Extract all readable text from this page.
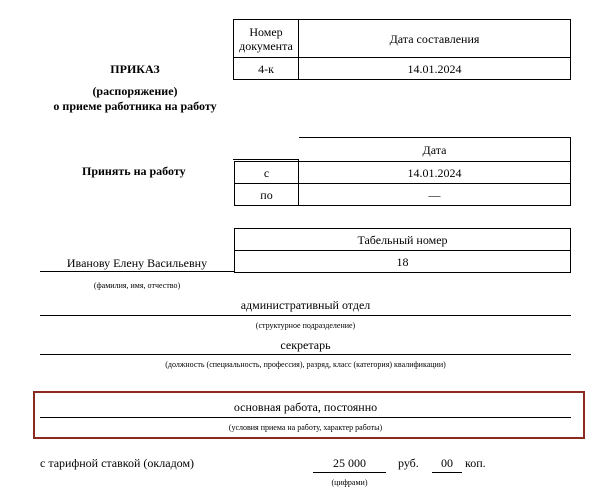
Номер документа	Дата составления
4-к	14.01.2024
ПРИКАЗ
(распоряжение)
о приеме работника на работу
Принять на работу
	Дата
с	14.01.2024
по	—
Табельный номер
18
Иванову Елену Васильевну
(фамилия, имя, отчество)
административный отдел
(структурное подразделение)
секретарь
(должность (специальность, профессия), разряд, класс (категория) квалификации)
основная работа, постоянно
(условия приема на работу, характер работы)
с тарифной ставкой (окладом)	25 000	руб.	00	коп.
(цифрами)
